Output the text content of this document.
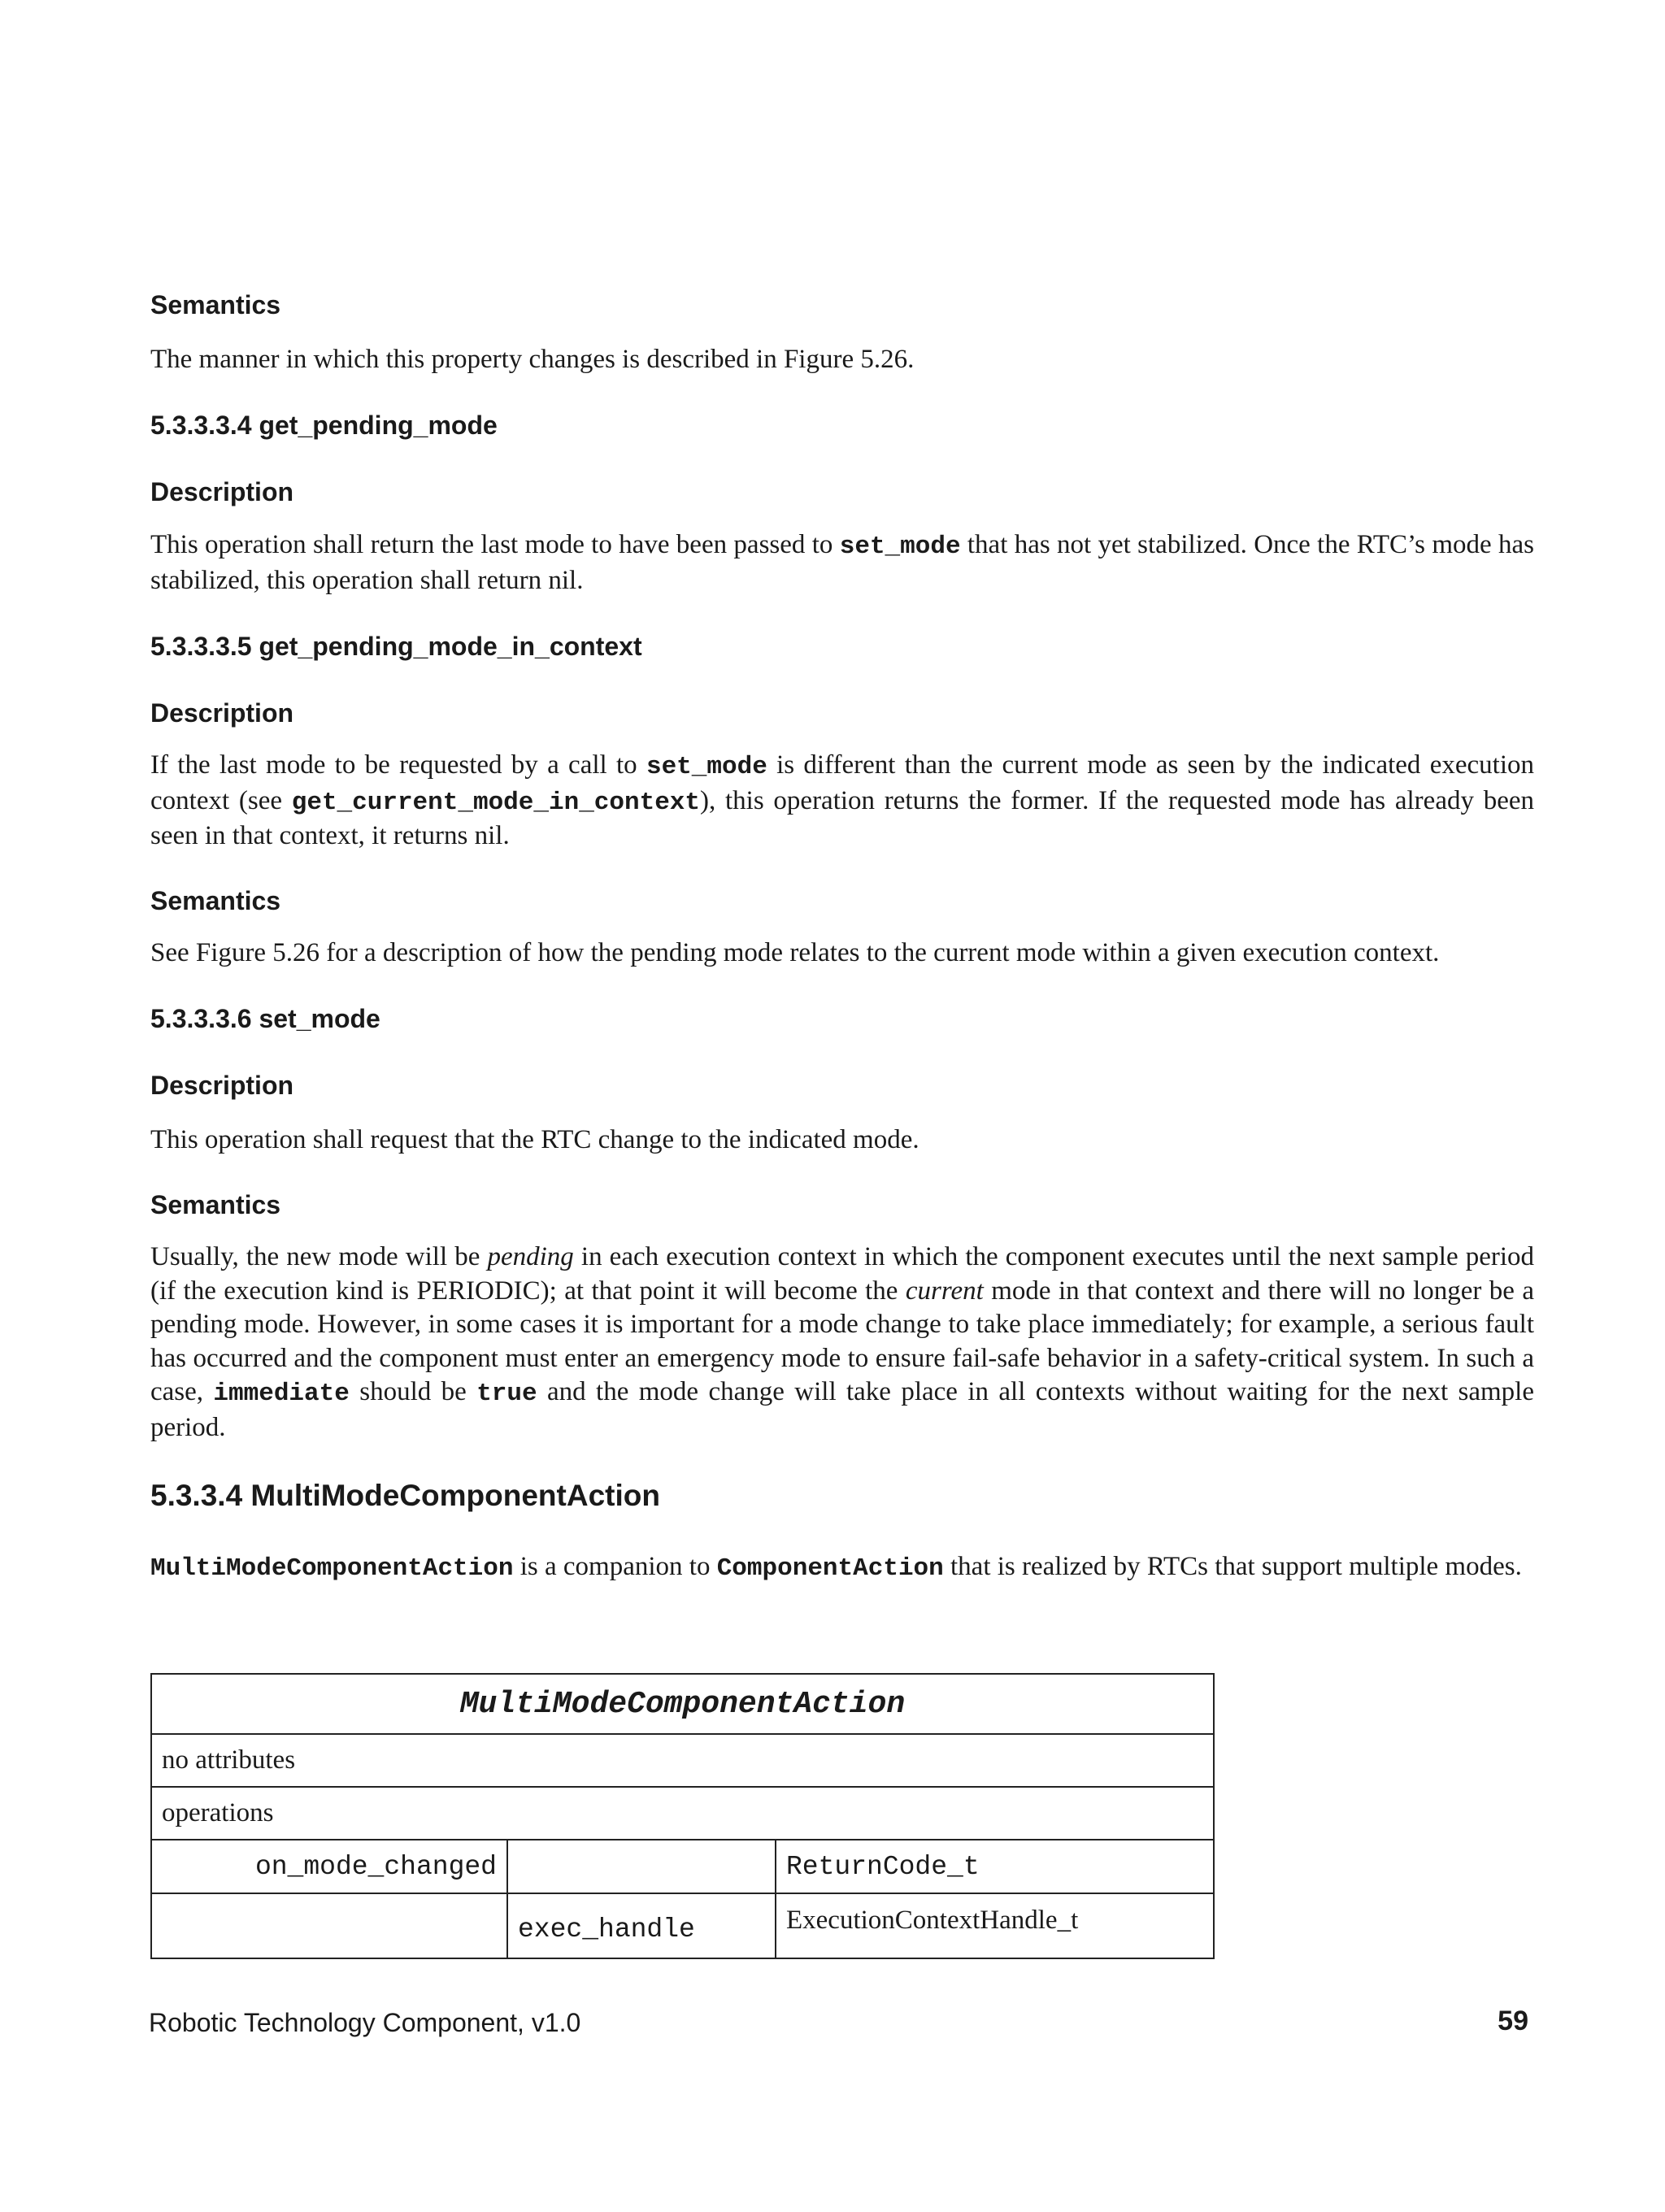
Semantics
The manner in which this property changes is described in Figure 5.26.
5.3.3.3.4 get_pending_mode
Description
This operation shall return the last mode to have been passed to set_mode that has not yet stabilized. Once the RTC’s mode has stabilized, this operation shall return nil.
5.3.3.3.5 get_pending_mode_in_context
Description
If the last mode to be requested by a call to set_mode is different than the current mode as seen by the indicated execution context (see get_current_mode_in_context), this operation returns the former. If the requested mode has already been seen in that context, it returns nil.
Semantics
See Figure 5.26 for a description of how the pending mode relates to the current mode within a given execution context.
5.3.3.3.6 set_mode
Description
This operation shall request that the RTC change to the indicated mode.
Semantics
Usually, the new mode will be pending in each execution context in which the component executes until the next sample period (if the execution kind is PERIODIC); at that point it will become the current mode in that context and there will no longer be a pending mode. However, in some cases it is important for a mode change to take place immediately; for example, a serious fault has occurred and the component must enter an emergency mode to ensure fail-safe behavior in a safety-critical system. In such a case, immediate should be true and the mode change will take place in all contexts without waiting for the next sample period.
5.3.3.4 MultiModeComponentAction
MultiModeComponentAction is a companion to ComponentAction that is realized by RTCs that support multiple modes.
MultiModeComponentAction		
no attributes		
operations		
on_mode_changed		ReturnCode_t
	exec_handle	ExecutionContextHandle_t
Robotic Technology Component, v1.0	59
